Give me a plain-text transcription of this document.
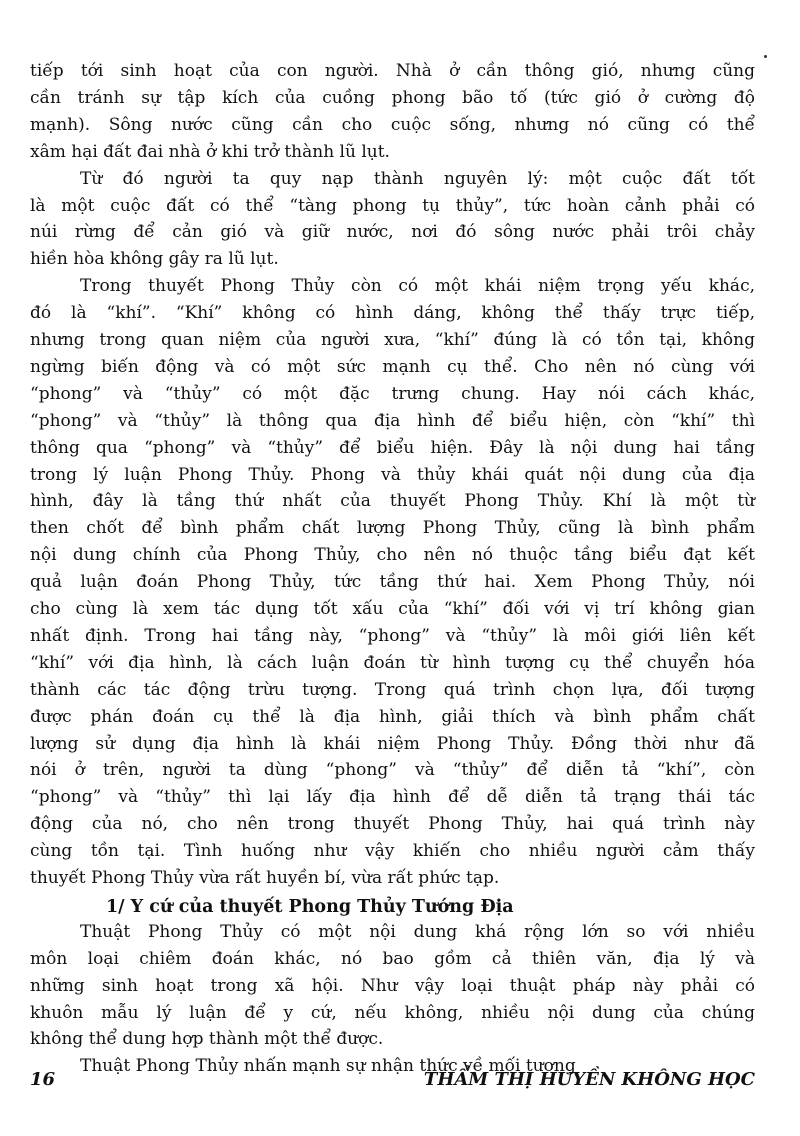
1/ Y cứ của thuyết Phong Thủy Tướng Địa
16	THẨM THỊ HUYỀN KHÔNG HỌC
tiếp tới sinh hoạt của con người. Nhà ở cần thông gió, nhưng cũng
cần tránh sự tập kích của cuồng phong bão tố (tức gió ở cường độ
mạnh). Sông nước cũng cần cho cuộc sống, nhưng nó cũng có thể
xâm hại đất đai nhà ở khi trở thành lũ lụt.
Từ đó người ta quy nạp thành nguyên lý: một cuộc đất tốt
là một cuộc đất có thể “tàng phong tụ thủy”, tức hoàn cảnh phải có
núi rừng để cản gió và giữ nước, nơi đó sông nước phải trôi chảy
hiền hòa không gây ra lũ lụt.
Trong thuyết Phong Thủy còn có một khái niệm trọng yếu khác,
đó là “khí”. “Khí” không có hình dáng, không thể thấy trực tiếp,
nhưng trong quan niệm của người xưa, “khí” đúng là có tồn tại, không
ngừng biến động và có một sức mạnh cụ thể. Cho nên nó cùng với
“phong” và “thủy” có một đặc trưng chung. Hay nói cách khác,
“phong” và “thủy” là thông qua địa hình để biểu hiện, còn “khí” thì
thông qua “phong” và “thủy” để biểu hiện. Đây là nội dung hai tầng
trong lý luận Phong Thủy. Phong và thủy khái quát nội dung của địa
hình, đây là tầng thứ nhất của thuyết Phong Thủy. Khí là một từ
then chốt để bình phẩm chất lượng Phong Thủy, cũng là bình phẩm
nội dung chính của Phong Thủy, cho nên nó thuộc tầng biểu đạt kết
quả luận đoán Phong Thủy, tức tầng thứ hai. Xem Phong Thủy, nói
cho cùng là xem tác dụng tốt xấu của “khí” đối với vị trí không gian
nhất định. Trong hai tầng này, “phong” và “thủy” là môi giới liên kết
“khí” với địa hình, là cách luận đoán từ hình tượng cụ thể chuyển hóa
thành các tác động trừu tượng. Trong quá trình chọn lựa, đối tượng
được phán đoán cụ thể là địa hình, giải thích và bình phẩm chất
lượng sử dụng địa hình là khái niệm Phong Thủy. Đồng thời như đã
nói ở trên, người ta dùng “phong” và “thủy” để diễn tả “khí”, còn
“phong” và “thủy” thì lại lấy địa hình để dễ diễn tả trạng thái tác
động của nó, cho nên trong thuyết Phong Thủy, hai quá trình này
cùng tồn tại. Tình huống như vậy khiến cho nhiều người cảm thấy
thuyết Phong Thủy vừa rất huyền bí, vừa rất phức tạp.
Thuật Phong Thủy có một nội dung khá rộng lớn so với nhiều
môn loại chiêm đoán khác, nó bao gồm cả thiên văn, địa lý và
những sinh hoạt trong xã hội. Như vậy loại thuật pháp này phải có
khuôn mẫu lý luận để y cứ, nếu không, nhiều nội dung của chúng
không thể dung hợp thành một thể được.
Thuật Phong Thủy nhấn mạnh sự nhận thức về mối tương
